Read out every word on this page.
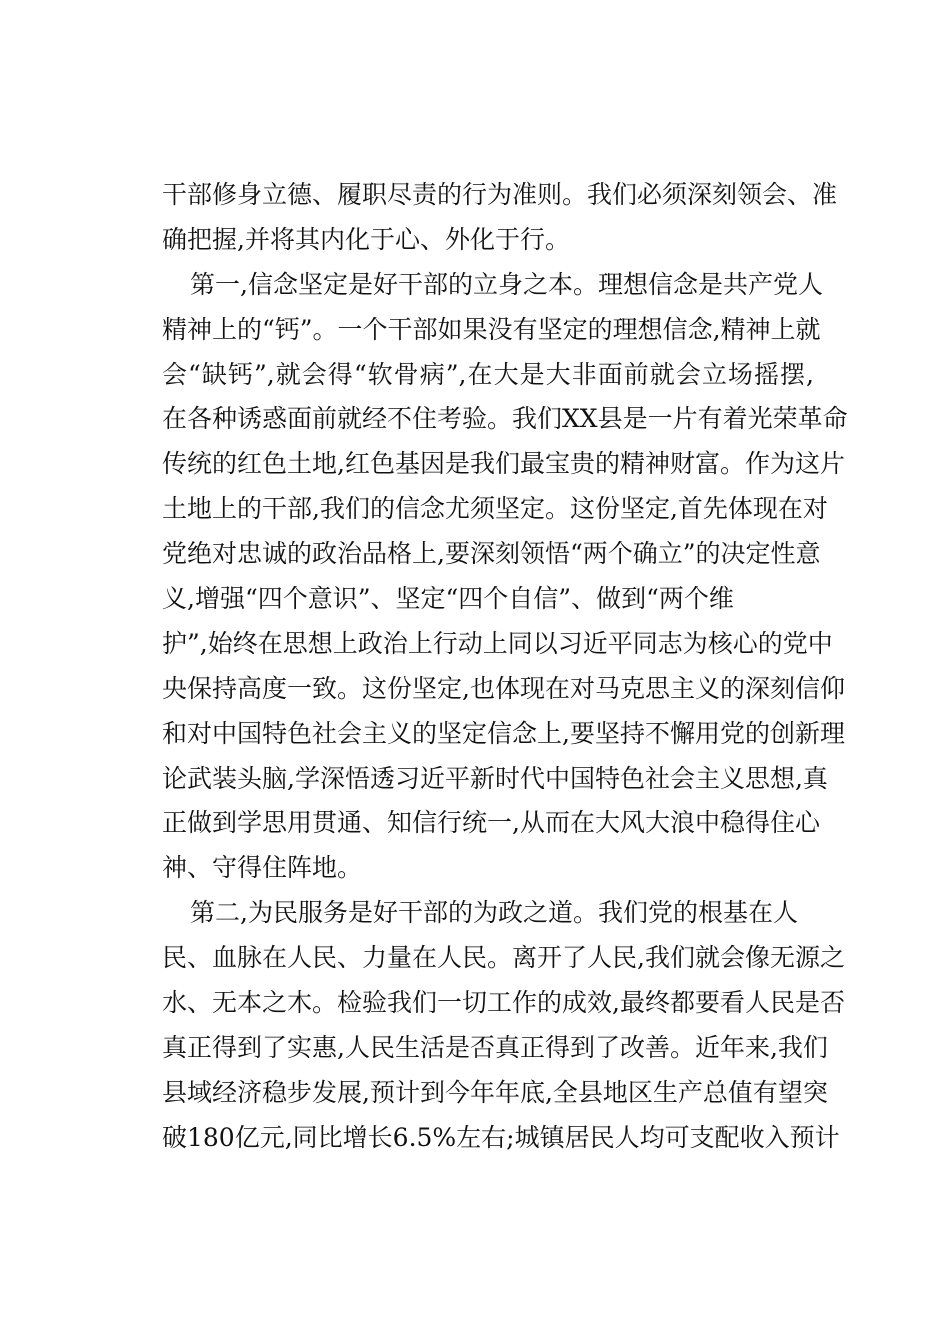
干部修身立德、履职尽责的行为准则。我们必须深刻领会、准
确把握,并将其内化于心、外化于行。
第一,信念坚定是好干部的立身之本。理想信念是共产党人
精神上的“钙”。一个干部如果没有坚定的理想信念,精神上就
会“缺钙”,就会得“软骨病”,在大是大非面前就会立场摇摆,
在各种诱惑面前就经不住考验。我们XX县是一片有着光荣革命
传统的红色土地,红色基因是我们最宝贵的精神财富。作为这片
土地上的干部,我们的信念尤须坚定。这份坚定,首先体现在对
党绝对忠诚的政治品格上,要深刻领悟“两个确立”的决定性意
义,增强“四个意识”、坚定“四个自信”、做到“两个维
护”,始终在思想上政治上行动上同以习近平同志为核心的党中
央保持高度一致。这份坚定,也体现在对马克思主义的深刻信仰
和对中国特色社会主义的坚定信念上,要坚持不懈用党的创新理
论武装头脑,学深悟透习近平新时代中国特色社会主义思想,真
正做到学思用贯通、知信行统一,从而在大风大浪中稳得住心
神、守得住阵地。
第二,为民服务是好干部的为政之道。我们党的根基在人
民、血脉在人民、力量在人民。离开了人民,我们就会像无源之
水、无本之木。检验我们一切工作的成效,最终都要看人民是否
真正得到了实惠,人民生活是否真正得到了改善。近年来,我们
县域经济稳步发展,预计到今年年底,全县地区生产总值有望突
破180亿元,同比增长6.5%左右;城镇居民人均可支配收入预计
